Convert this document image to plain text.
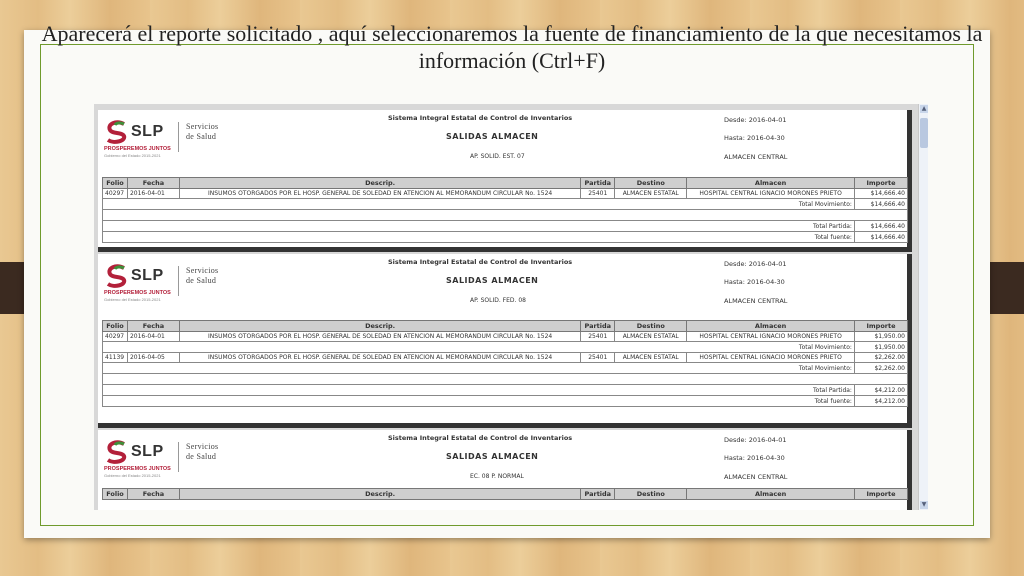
Aparecerá el reporte solicitado , aquí seleccionaremos la fuente de financiamiento de la que necesitamos la información (Ctrl+F)
SLP
PROSPEREMOS JUNTOS
Gobierno del Estado 2015-2021
Servicios
de Salud
Sistema Integral Estatal de Control de Inventarios
SALIDAS ALMACEN
AP. SOLID. EST. 07
Desde: 2016-04-01
Hasta: 2016-04-30
ALMACEN CENTRAL
Folio	Fecha	Descrip.	Partida	Destino	Almacen	Importe
40297	2016-04-01	INSUMOS OTORGADOS POR EL HOSP. GENERAL DE SOLEDAD EN ATENCION AL MEMORANDUM CIRCULAR No. 1524	25401	ALMACEN ESTATAL	HOSPITAL CENTRAL IGNACIO MORONES PRIETO	$14,666.40
Total Movimiento:						$14,666.40

Total Partida:						$14,666.40
Total fuente:						$14,666.40
SLP
PROSPEREMOS JUNTOS
Gobierno del Estado 2015-2021
Servicios
de Salud
Sistema Integral Estatal de Control de Inventarios
SALIDAS ALMACEN
AP. SOLID. FED. 08
Desde: 2016-04-01
Hasta: 2016-04-30
ALMACEN CENTRAL
Folio	Fecha	Descrip.	Partida	Destino	Almacen	Importe
40297	2016-04-01	INSUMOS OTORGADOS POR EL HOSP. GENERAL DE SOLEDAD EN ATENCION AL MEMORANDUM CIRCULAR No. 1524	25401	ALMACEN ESTATAL	HOSPITAL CENTRAL IGNACIO MORONES PRIETO	$1,950.00
Total Movimiento:						$1,950.00
41139	2016-04-05	INSUMOS OTORGADOS POR EL HOSP. GENERAL DE SOLEDAD EN ATENCION AL MEMORANDUM CIRCULAR No. 1524	25401	ALMACEN ESTATAL	HOSPITAL CENTRAL IGNACIO MORONES PRIETO	$2,262.00
Total Movimiento:						$2,262.00

Total Partida:						$4,212.00
Total fuente:						$4,212.00
SLP
PROSPEREMOS JUNTOS
Gobierno del Estado 2015-2021
Servicios
de Salud
Sistema Integral Estatal de Control de Inventarios
SALIDAS ALMACEN
EC. 08 P. NORMAL
Desde: 2016-04-01
Hasta: 2016-04-30
ALMACEN CENTRAL
Folio	Fecha	Descrip.	Partida	Destino	Almacen	Importe
▲
▼
